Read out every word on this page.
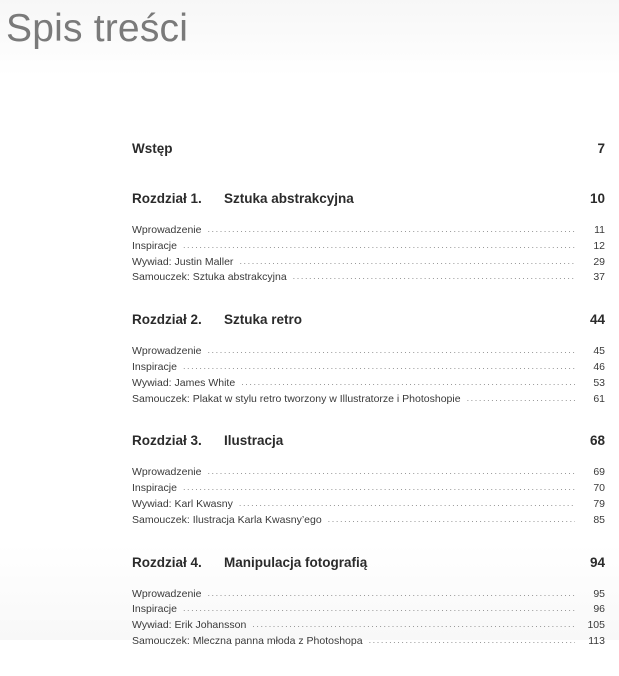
Spis treści
Wstęp	7
Rozdział 1.	Sztuka abstrakcyjna	10
Wprowadzenie .....	11
Inspiracje .....	12
Wywiad: Justin Maller .....	29
Samouczek: Sztuka abstrakcyjna .....	37
Rozdział 2.	Sztuka retro	44
Wprowadzenie .....	45
Inspiracje .....	46
Wywiad: James White .....	53
Samouczek: Plakat w stylu retro tworzony w Illustratorze i Photoshopie .....	61
Rozdział 3.	Ilustracja	68
Wprowadzenie .....	69
Inspiracje .....	70
Wywiad: Karl Kwasny .....	79
Samouczek: Ilustracja Karla Kwasny’ego .....	85
Rozdział 4.	Manipulacja fotografią	94
Wprowadzenie .....	95
Inspiracje .....	96
Wywiad: Erik Johansson .....	105
Samouczek: Mleczna panna młoda z Photoshopa .....	113
